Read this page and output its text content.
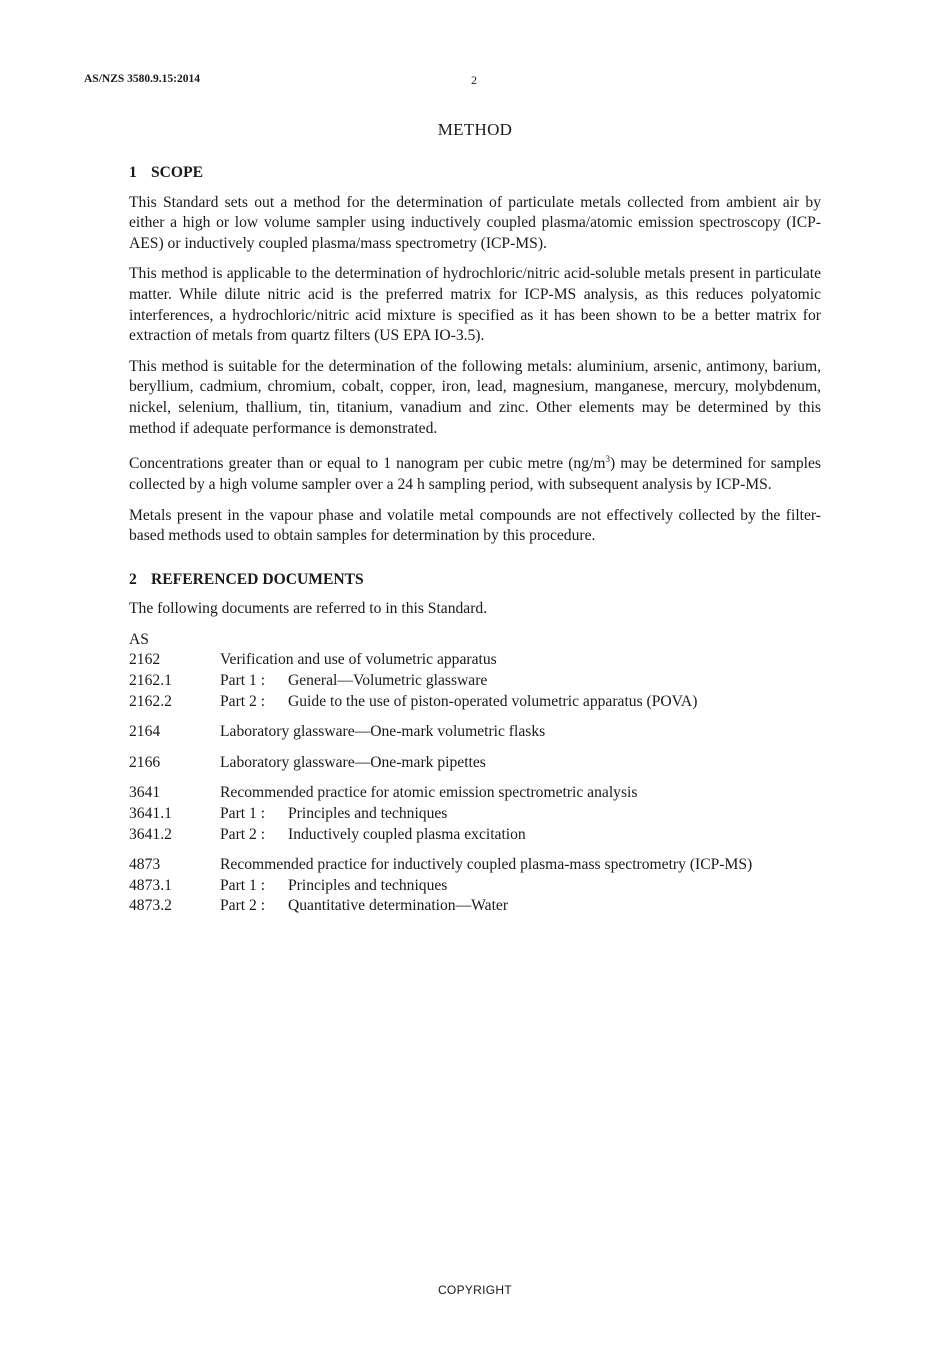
AS/NZS 3580.9.15:2014	2
METHOD
1 SCOPE

This Standard sets out a method for the determination of particulate metals collected from ambient air by either a high or low volume sampler using inductively coupled plasma/atomic emission spectroscopy (ICP-AES) or inductively coupled plasma/mass spectrometry (ICP-MS).

This method is applicable to the determination of hydrochloric/nitric acid-soluble metals present in particulate matter. While dilute nitric acid is the preferred matrix for ICP-MS analysis, as this reduces polyatomic interferences, a hydrochloric/nitric acid mixture is specified as it has been shown to be a better matrix for extraction of metals from quartz filters (US EPA IO-3.5).

This method is suitable for the determination of the following metals: aluminium, arsenic, antimony, barium, beryllium, cadmium, chromium, cobalt, copper, iron, lead, magnesium, manganese, mercury, molybdenum, nickel, selenium, thallium, tin, titanium, vanadium and zinc. Other elements may be determined by this method if adequate performance is demonstrated.

Concentrations greater than or equal to 1 nanogram per cubic metre $(ng/m^3)$ may be determined for samples collected by a high volume sampler over a 24 h sampling period, with subsequent analysis by ICP-MS.

Metals present in the vapour phase and volatile metal compounds are not effectively collected by the filter-based methods used to obtain samples for determination by this procedure.

2 REFERENCED DOCUMENTS

The following documents are referred to in this Standard.

AS
2162	Verification and use of volumetric apparatus
2162.1	Part 1 : General—Volumetric glassware
2162.2	Part 2 : Guide to the use of piston-operated volumetric apparatus (POVA)
2164	Laboratory glassware—One-mark volumetric flasks
2166	Laboratory glassware—One-mark pipettes
3641	Recommended practice for atomic emission spectrometric analysis
3641.1	Part 1 : Principles and techniques
3641.2	Part 2 : Inductively coupled plasma excitation
4873	Recommended practice for inductively coupled plasma-mass spectrometry (ICP-MS)
4873.1	Part 1 : Principles and techniques
4873.2	Part 2 : Quantitative determination—Water
COPYRIGHT
